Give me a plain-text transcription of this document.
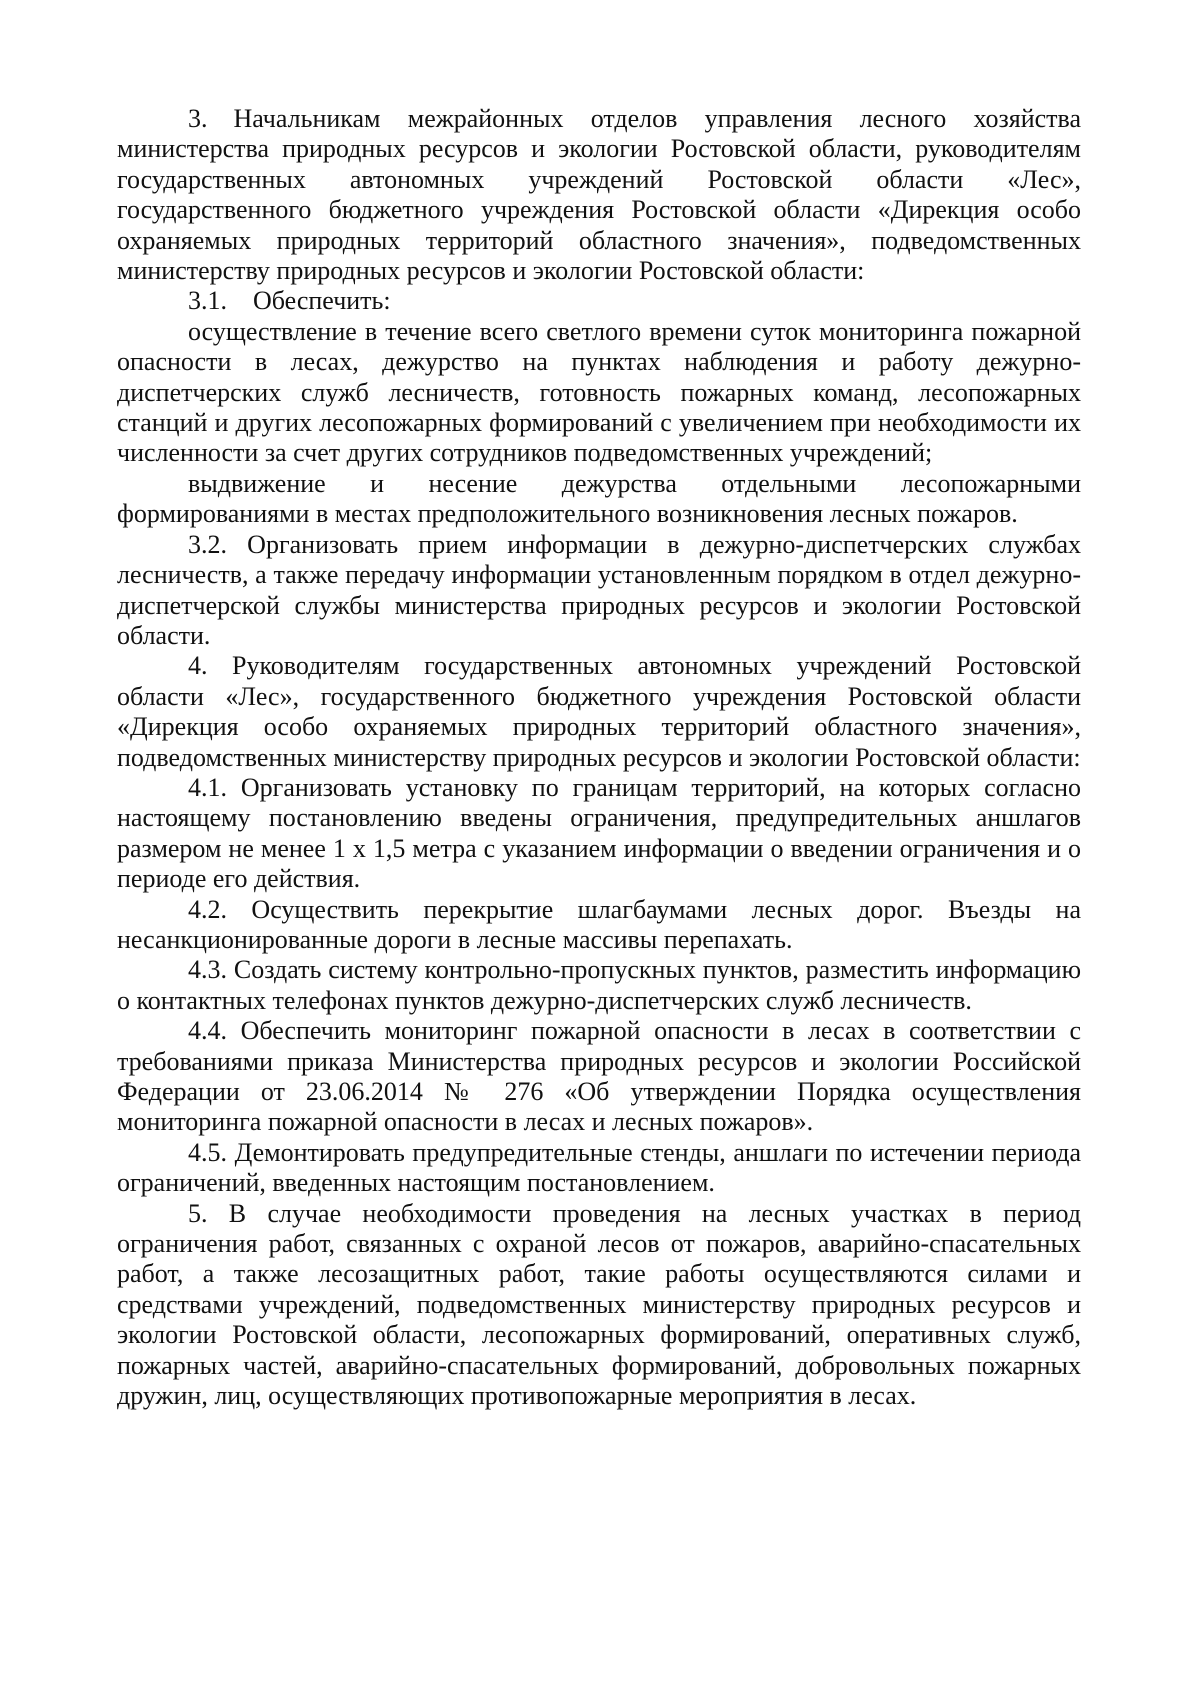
3. Начальникам межрайонных отделов управления лесного хозяйства министерства природных ресурсов и экологии Ростовской области, руководителям государственных автономных учреждений Ростовской области «Лес», государственного бюджетного учреждения Ростовской области «Дирекция особо охраняемых природных территорий областного значения», подведомственных министерству природных ресурсов и экологии Ростовской области:

3.1. Обеспечить:

осуществление в течение всего светлого времени суток мониторинга пожарной опасности в лесах, дежурство на пунктах наблюдения и работу дежурно-диспетчерских служб лесничеств, готовность пожарных команд, лесопожарных станций и других лесопожарных формирований с увеличением при необходимости их численности за счет других сотрудников подведомственных учреждений;

выдвижение и несение дежурства отдельными лесопожарными формированиями в местах предположительного возникновения лесных пожаров.

3.2. Организовать прием информации в дежурно-диспетчерских службах лесничеств, а также передачу информации установленным порядком в отдел дежурно-диспетчерской службы министерства природных ресурсов и экологии Ростовской области.

4. Руководителям государственных автономных учреждений Ростовской области «Лес», государственного бюджетного учреждения Ростовской области «Дирекция особо охраняемых природных территорий областного значения», подведомственных министерству природных ресурсов и экологии Ростовской области:

4.1. Организовать установку по границам территорий, на которых согласно настоящему постановлению введены ограничения, предупредительных аншлагов размером не менее 1 х 1,5 метра с указанием информации о введении ограничения и о периоде его действия.

4.2. Осуществить перекрытие шлагбаумами лесных дорог. Въезды на несанкционированные дороги в лесные массивы перепахать.

4.3. Создать систему контрольно-пропускных пунктов, разместить информацию о контактных телефонах пунктов дежурно-диспетчерских служб лесничеств.

4.4. Обеспечить мониторинг пожарной опасности в лесах в соответствии с требованиями приказа Министерства природных ресурсов и экологии Российской Федерации от 23.06.2014 № 276 «Об утверждении Порядка осуществления мониторинга пожарной опасности в лесах и лесных пожаров».

4.5. Демонтировать предупредительные стенды, аншлаги по истечении периода ограничений, введенных настоящим постановлением.

5. В случае необходимости проведения на лесных участках в период ограничения работ, связанных с охраной лесов от пожаров, аварийно-спасательных работ, а также лесозащитных работ, такие работы осуществляются силами и средствами учреждений, подведомственных министерству природных ресурсов и экологии Ростовской области, лесопожарных формирований, оперативных служб, пожарных частей, аварийно-спасательных формирований, добровольных пожарных дружин, лиц, осуществляющих противопожарные мероприятия в лесах.
